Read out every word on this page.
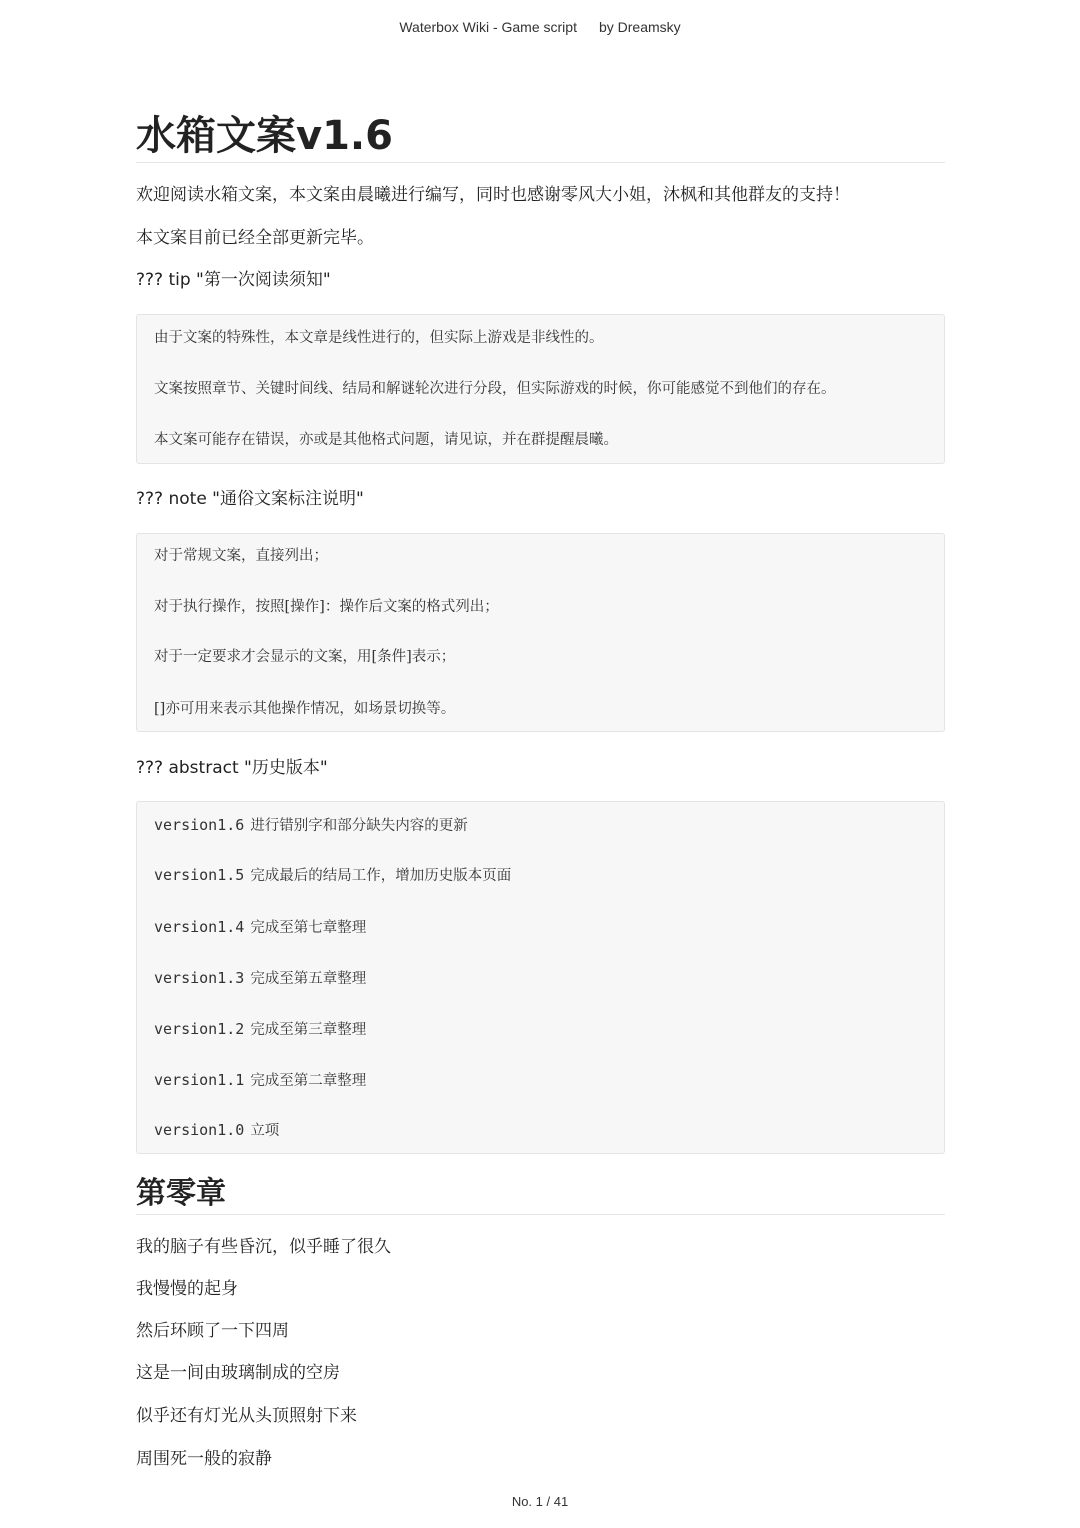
Waterbox Wiki - Game script by Dreamsky
水箱文案v1.6

欢迎阅读水箱文案，本文案由晨曦进行编写，同时也感谢零风大小姐，沐枫和其他群友的支持！

本文案目前已经全部更新完毕。

??? tip "第一次阅读须知"

由于文案的特殊性，本文章是线性进行的，但实际上游戏是非线性的。
文案按照章节、关键时间线、结局和解谜轮次进行分段，但实际游戏的时候，你可能感觉不到他们的存在。
本文案可能存在错误，亦或是其他格式问题，请见谅，并在群提醒晨曦。

??? note "通俗文案标注说明"

对于常规文案，直接列出；
对于执行操作，按照[操作]：操作后文案的格式列出；
对于一定要求才会显示的文案，用[条件]表示；
[]亦可用来表示其他操作情况，如场景切换等。

??? abstract "历史版本"

version1.6 进行错别字和部分缺失内容的更新
version1.5 完成最后的结局工作，增加历史版本页面
version1.4 完成至第七章整理
version1.3 完成至第五章整理
version1.2 完成至第三章整理
version1.1 完成至第二章整理
version1.0 立项
第零章

我的脑子有些昏沉，似乎睡了很久

我慢慢的起身

然后环顾了一下四周

这是一间由玻璃制成的空房

似乎还有灯光从头顶照射下来

周围死一般的寂静

No. 1 / 41
